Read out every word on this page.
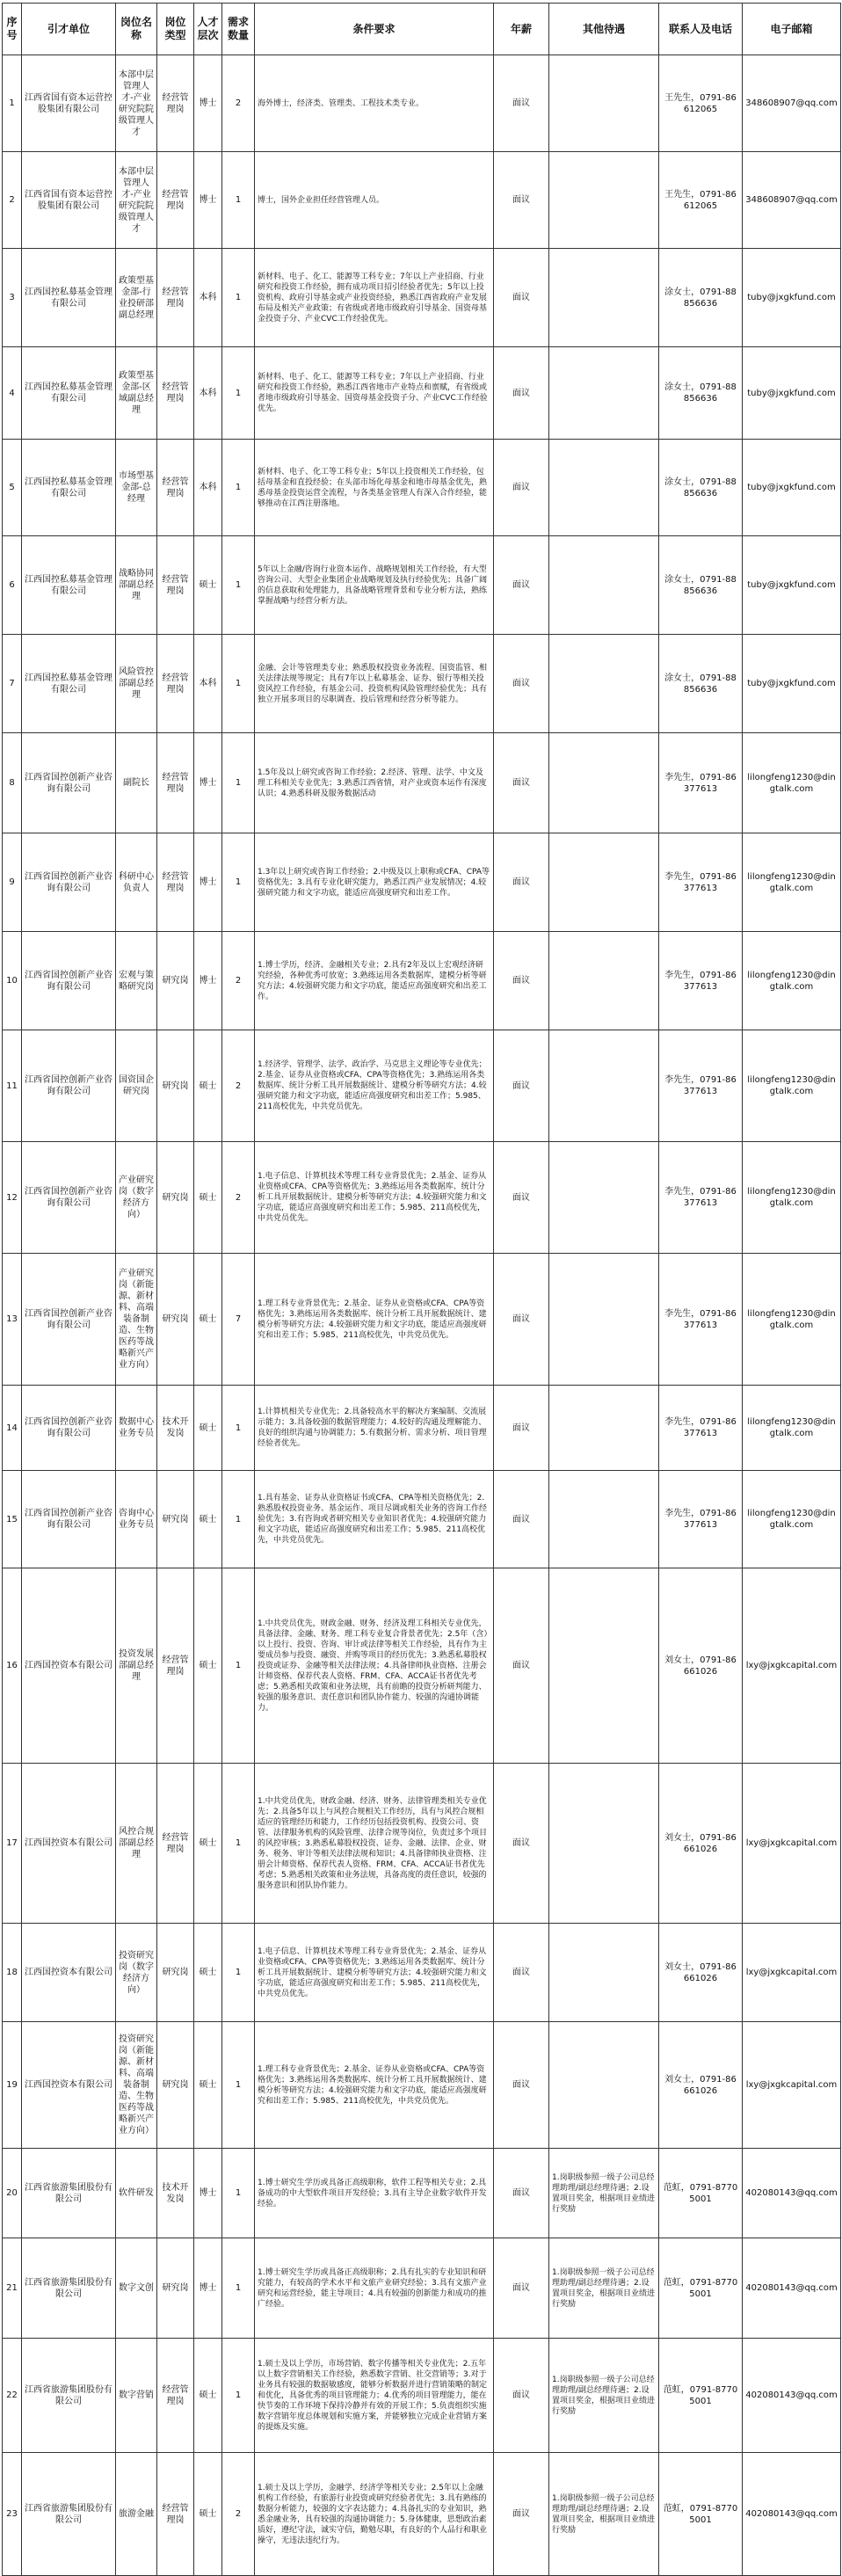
序号	引才单位	岗位名称	岗位类型	人才层次	需求数量	条件要求	年薪	其他待遇	联系人及电话	电子邮箱
1	江西省国有资本运营控股集团有限公司	本部中层管理人才-产业研究院院级管理人才	经营管理岗	博士	2	海外博士，经济类、管理类、工程技术类专业。	面议		王先生，0791-86612065	348608907@qq.com
2	江西省国有资本运营控股集团有限公司	本部中层管理人才-产业研究院院级管理人才	经营管理岗	博士	1	博士，国外企业担任经营管理人员。	面议		王先生，0791-86612065	348608907@qq.com
3	江西国控私募基金管理有限公司	政策型基金部-行业投研部副总经理	经营管理岗	本科	1	新材料、电子、化工、能源等工科专业；7年以上产业招商、行业研究和投资工作经验，拥有成功项目招引经验者优先；5年以上投资机构、政府引导基金或产业投资经验，熟悉江西省政府产业发展布局及相关产业政策；有省级或者地市级政府引导基金、国资母基金投资子分、产业CVC工作经验优先。	面议		涂女士，0791-88856636	tuby@jxgkfund.com
4	江西国控私募基金管理有限公司	政策型基金部-区域副总经理	经营管理岗	本科	1	新材料、电子、化工、能源等工科专业；7年以上产业招商、行业研究和投资工作经验，熟悉江西省地市产业特点和禀赋，有省级或者地市级政府引导基金、国资母基金投资子分、产业CVC工作经验优先。	面议		涂女士，0791-88856636	tuby@jxgkfund.com
5	江西国控私募基金管理有限公司	市场型基金部-总经理	经营管理岗	本科	1	新材料、电子、化工等工科专业；5年以上投资相关工作经验，包括母基金和直投经验；在头部市场化母基金和地市母基金优先，熟悉母基金投资运营全流程，与各类基金管理人有深入合作经验，能够推动在江西注册落地。	面议		涂女士，0791-88856636	tuby@jxgkfund.com
6	江西国控私募基金管理有限公司	战略协同部副总经理	经营管理岗	硕士	1	5年以上金融/咨询行业资本运作、战略规划相关工作经验，有大型咨询公司、大型企业集团企业战略规划及执行经验优先；具备广阔的信息获取和处理能力，具备战略管理背景和专业分析方法，熟练掌握战略与经营分析方法。	面议		涂女士，0791-88856636	tuby@jxgkfund.com
7	江西国控私募基金管理有限公司	风险管控部副总经理	经营管理岗	本科	1	金融、会计等管理类专业；熟悉股权投资业务流程、国资监管、相关法律法规等规定；具有7年以上私募基金、证券、银行等相关投资风控工作经验，有基金公司、投资机构风险管理经验优先；具有独立开展多项目的尽职调查、投后管理和经营分析等能力。	面议		涂女士，0791-88856636	tuby@jxgkfund.com
8	江西省国控创新产业咨询有限公司	副院长	经营管理岗	博士	1	1.5年及以上研究或咨询工作经验；2.经济、管理、法学、中文及理工科相关专业优先；3.熟悉江西省情，对产业或资本运作有深度认识；4.熟悉科研及服务数据活动	面议		李先生，0791-86377613	lilongfeng1230@dingtalk.com
9	江西省国控创新产业咨询有限公司	科研中心负责人	经营管理岗	博士	1	1.3年以上研究或咨询工作经验；2.中级及以上职称或CFA、CPA等资格优先；3.具有专业化研究能力，熟悉江西产业发展情况；4.较强研究能力和文字功底，能适应高强度研究和出差工作。	面议		李先生，0791-86377613	lilongfeng1230@dingtalk.com
10	江西省国控创新产业咨询有限公司	宏观与策略研究岗	研究岗	博士	2	1.博士学历，经济、金融相关专业；2.具有2年及以上宏观经济研究经验，各种优秀可放宽；3.熟练运用各类数据库，建模分析等研究方法；4.较强研究能力和文字功底，能适应高强度研究和出差工作。	面议		李先生，0791-86377613	lilongfeng1230@dingtalk.com
11	江西省国控创新产业咨询有限公司	国资国企研究岗	研究岗	硕士	2	1.经济学、管理学、法学、政治学、马克思主义理论等专业优先；2.基金、证券从业资格或CFA、CPA等资格优先；3.熟练运用各类数据库、统计分析工具开展数据统计、建模分析等研究方法；4.较强研究能力和文字功底，能适应高强度研究和出差工作；5.985、211高校优先，中共党员优先。	面议		李先生，0791-86377613	lilongfeng1230@dingtalk.com
12	江西省国控创新产业咨询有限公司	产业研究岗（数字经济方向）	研究岗	硕士	2	1.电子信息、计算机技术等理工科专业背景优先；2.基金、证券从业资格或CFA、CPA等资格优先；3.熟练运用各类数据库、统计分析工具开展数据统计、建模分析等研究方法；4.较强研究能力和文字功底，能适应高强度研究和出差工作；5.985、211高校优先，中共党员优先。	面议		李先生，0791-86377613	lilongfeng1230@dingtalk.com
13	江西省国控创新产业咨询有限公司	产业研究岗（新能源、新材料、高端装备制造、生物医药等战略新兴产业方向）	研究岗	硕士	7	1.理工科专业背景优先；2.基金、证券从业资格或CFA、CPA等资格优先；3.熟练运用各类数据库、统计分析工具开展数据统计、建模分析等研究方法；4.较强研究能力和文字功底，能适应高强度研究和出差工作；5.985、211高校优先，中共党员优先。	面议		李先生，0791-86377613	lilongfeng1230@dingtalk.com
14	江西省国控创新产业咨询有限公司	数据中心业务专员	技术开发岗	硕士	1	1.计算机相关专业优先；2.具备较高水平的解决方案编制、交流展示能力；3.具备较强的数据管理能力；4.较好的沟通及理解能力、良好的组织沟通与协调能力；5.有数据分析、需求分析、项目管理经验者优先。	面议		李先生，0791-86377613	lilongfeng1230@dingtalk.com
15	江西省国控创新产业咨询有限公司	咨询中心业务专员	研究岗	硕士	1	1.具有基金、证券从业资格证书或CFA、CPA等相关资格优先；2.熟悉股权投资业务、基金运作、项目尽调或相关业务的咨询工作经验优先；3.有咨询或者研究相关专业知识者优先；4.较强研究能力和文字功底，能适应高强度研究和出差工作；5.985、211高校优先，中共党员优先。	面议		李先生，0791-86377613	lilongfeng1230@dingtalk.com
16	江西国控资本有限公司	投资发展部副总经理	经营管理岗	硕士	1	1.中共党员优先，财政金融、财务、经济及理工科相关专业优先，具备法律、金融、财务、理工科专业复合背景者优先；2.5年（含）以上投行、投资、咨询、审计或法律等相关工作经验，具有作为主要成员参与投资、融资、并购等项目的经历优先；3.熟悉私募股权投资或证券、金融等相关法律法规；4.具备律师执业资格、注册会计师资格、保荐代表人资格、FRM、CFA、ACCA证书者优先考虑；5.熟悉相关政策和业务法规，具有前瞻的投资分析研判能力、较强的服务意识、责任意识和团队协作能力、较强的沟通协调能力。	面议		刘女士，0791-86661026	lxy@jxgkcapital.com
17	江西国控资本有限公司	风控合规部副总经理	经营管理岗	硕士	1	1.中共党员优先，财政金融、经济、财务、法律管理类相关专业优先；2.具备5年以上与风控合规相关工作经历，具有与风控合规相适应的管理经历和能力，工作经历包括投资机构、投资公司、资管、法律服务机构的风险管理、法律合规等岗位，负责过多个项目的风控审核；3.熟悉私募股权投资、证券、金融、法律、企业、财务、税务、审计等相关法律法规和知识；4.具备律师执业资格、注册会计师资格、保荐代表人资格、FRM、CFA、ACCA证书者优先考虑；5.熟悉相关政策和业务法规，具备高度的责任意识，较强的服务意识和团队协作能力。	面议		刘女士，0791-86661026	lxy@jxgkcapital.com
18	江西国控资本有限公司	投资研究岗（数字经济方向）	研究岗	硕士	1	1.电子信息、计算机技术等理工科专业背景优先；2.基金、证券从业资格或CFA、CPA等资格优先；3.熟练运用各类数据库、统计分析工具开展数据统计、建模分析等研究方法；4.较强研究能力和文字功底，能适应高强度研究和出差工作；5.985、211高校优先，中共党员优先。	面议		刘女士，0791-86661026	lxy@jxgkcapital.com
19	江西国控资本有限公司	投资研究岗（新能源、新材料、高端装备制造、生物医药等战略新兴产业方向）	研究岗	硕士	1	1.理工科专业背景优先；2.基金、证券从业资格或CFA、CPA等资格优先；3.熟练运用各类数据库、统计分析工具开展数据统计、建模分析等研究方法；4.较强研究能力和文字功底，能适应高强度研究和出差工作；5.985、211高校优先，中共党员优先。	面议		刘女士，0791-86661026	lxy@jxgkcapital.com
20	江西省旅游集团股份有限公司	软件研发	技术开发岗	博士	1	1.博士研究生学历或具备正高级职称，软件工程等相关专业；2.具备成功的中大型软件项目开发经验；3.具有主导企业数字软件开发经验。	面议	1.岗职级参照一级子公司总经理助理/副总经理待遇；2.设置项目奖金，根据项目业绩进行奖励	范虹，0791-87705001	402080143@qq.com
21	江西省旅游集团股份有限公司	数字文创	研究岗	博士	1	1.博士研究生学历或具备正高级职称；2.具有扎实的专业知识和研究能力，有较高的学术水平和文旅产业研究经验；3.具有文旅产业研究和运营经验，能主导项目；4.具有较强的创新能力和成功的推广经验。	面议	1.岗职级参照一级子公司总经理助理/副总经理待遇；2.设置项目奖金，根据项目业绩进行奖励	范虹，0791-87705001	402080143@qq.com
22	江西省旅游集团股份有限公司	数字营销	经营管理岗	硕士	1	1.硕士及以上学历，市场营销、数字传播等相关专业优先；2.五年以上数字营销相关工作经验，熟悉数字营销、社交营销等；3.对于业务具有较强的数据敏感度，能够分析数据并进行营销策略的制定和优化，具备优秀的项目管理能力；4.优秀的项目管理能力，能在快节奏的工作环境下保持冷静并有效的开展工作；5.负责组织实施数字营销年度总体规划和实施方案，并能够独立完成企业营销方案的提炼及实施。	面议	1.岗职级参照一级子公司总经理助理/副总经理待遇；2.设置项目奖金，根据项目业绩进行奖励	范虹，0791-87705001	402080143@qq.com
23	江西省旅游集团股份有限公司	旅游金融	经营管理岗	硕士	2	1.硕士及以上学历，金融学、经济学等相关专业；2.5年以上金融机构工作经验，有旅游行业投资或研究经验者优先；3.具有熟练的数据分析能力，较强的文字表达能力；4.具备扎实的专业知识，熟悉金融业务，具有较强的沟通协调能力；5.身体健康，思想政治素质好，遵纪守法，诚实守信，勤勉尽职，有良好的个人品行和职业操守，无违法违纪行为。	面议	1.岗职级参照一级子公司总经理助理/副总经理待遇；2.设置项目奖金，根据项目业绩进行奖励	范虹，0791-87705001	402080143@qq.com
